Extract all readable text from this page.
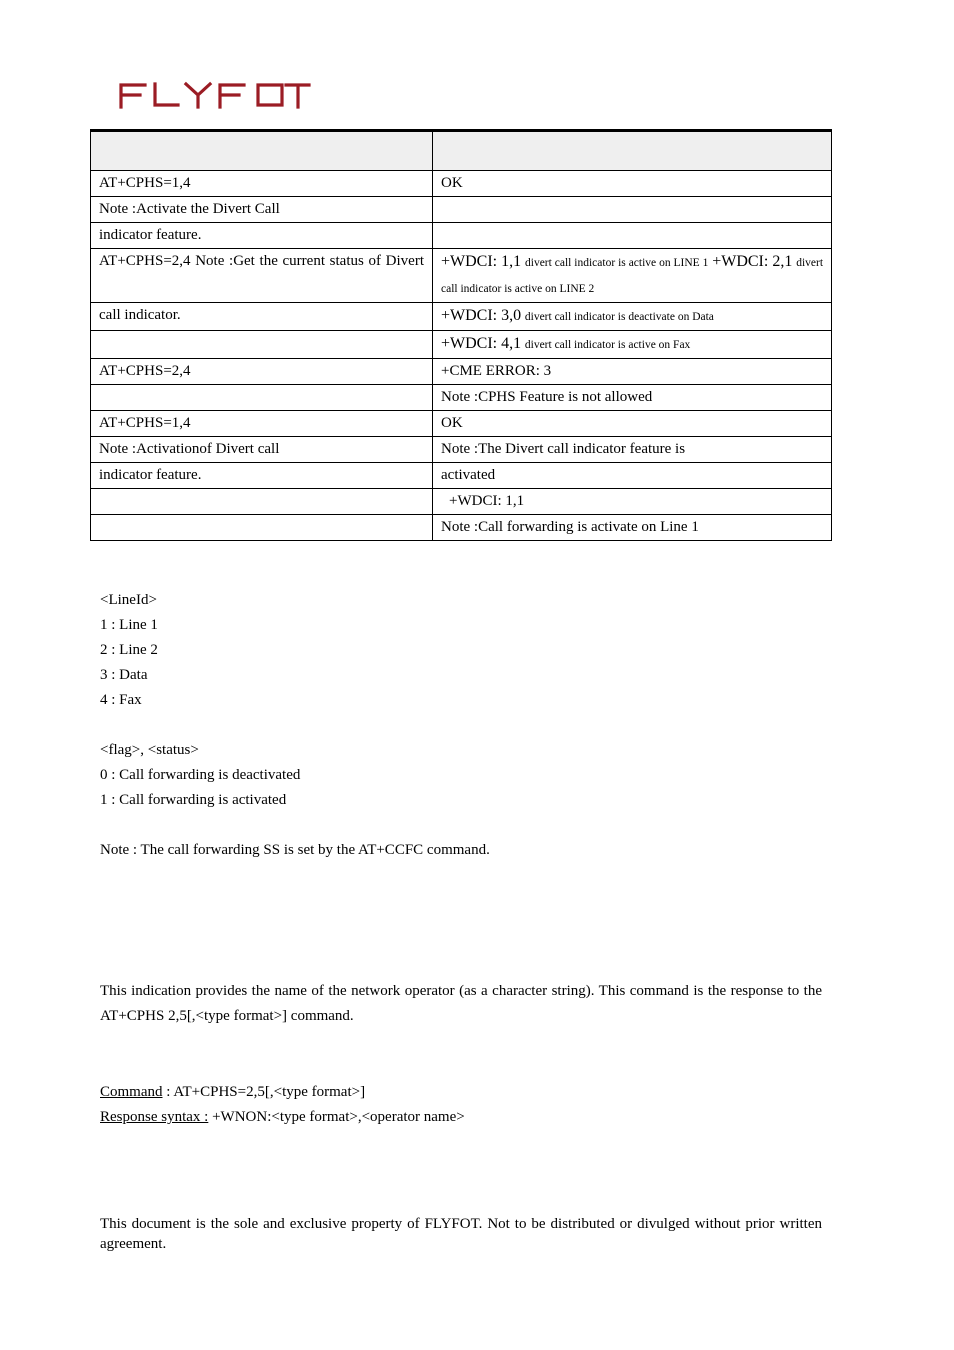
AT+CPHS=1,4	OK
Note :Activate the Divert Call	
indicator feature.	
AT+CPHS=2,4 Note :Get the current status of Divert	+WDCI: 1,1 divert call indicator is active on LINE 1 +WDCI: 2,1 divert call indicator is active on LINE 2
call indicator.	+WDCI: 3,0 divert call indicator is deactivate on Data
	+WDCI: 4,1 divert call indicator is active on Fax
AT+CPHS=2,4	+CME ERROR: 3
	Note :CPHS Feature is not allowed
AT+CPHS=1,4	OK
Note :Activationof Divert call	Note :The Divert call indicator feature is
indicator feature.	activated
	+WDCI: 1,1
	Note :Call forwarding is activate on Line 1

<LineId>

1 : Line 1

2 : Line 2

3 : Data

4 : Fax

<flag>, <status>

0 : Call forwarding is deactivated

1 : Call forwarding is activated

Note : The call forwarding SS is set by the AT+CCFC command.

This indication provides the name of the network operator (as a character string). This command is the response to the AT+CPHS 2,5[,<type format>] command.

Command : AT+CPHS=2,5[,<type format>]

Response syntax : +WNON:<type format>,<operator name>

This document is the sole and exclusive property of FLYFOT. Not to be distributed or divulged without prior written agreement.
